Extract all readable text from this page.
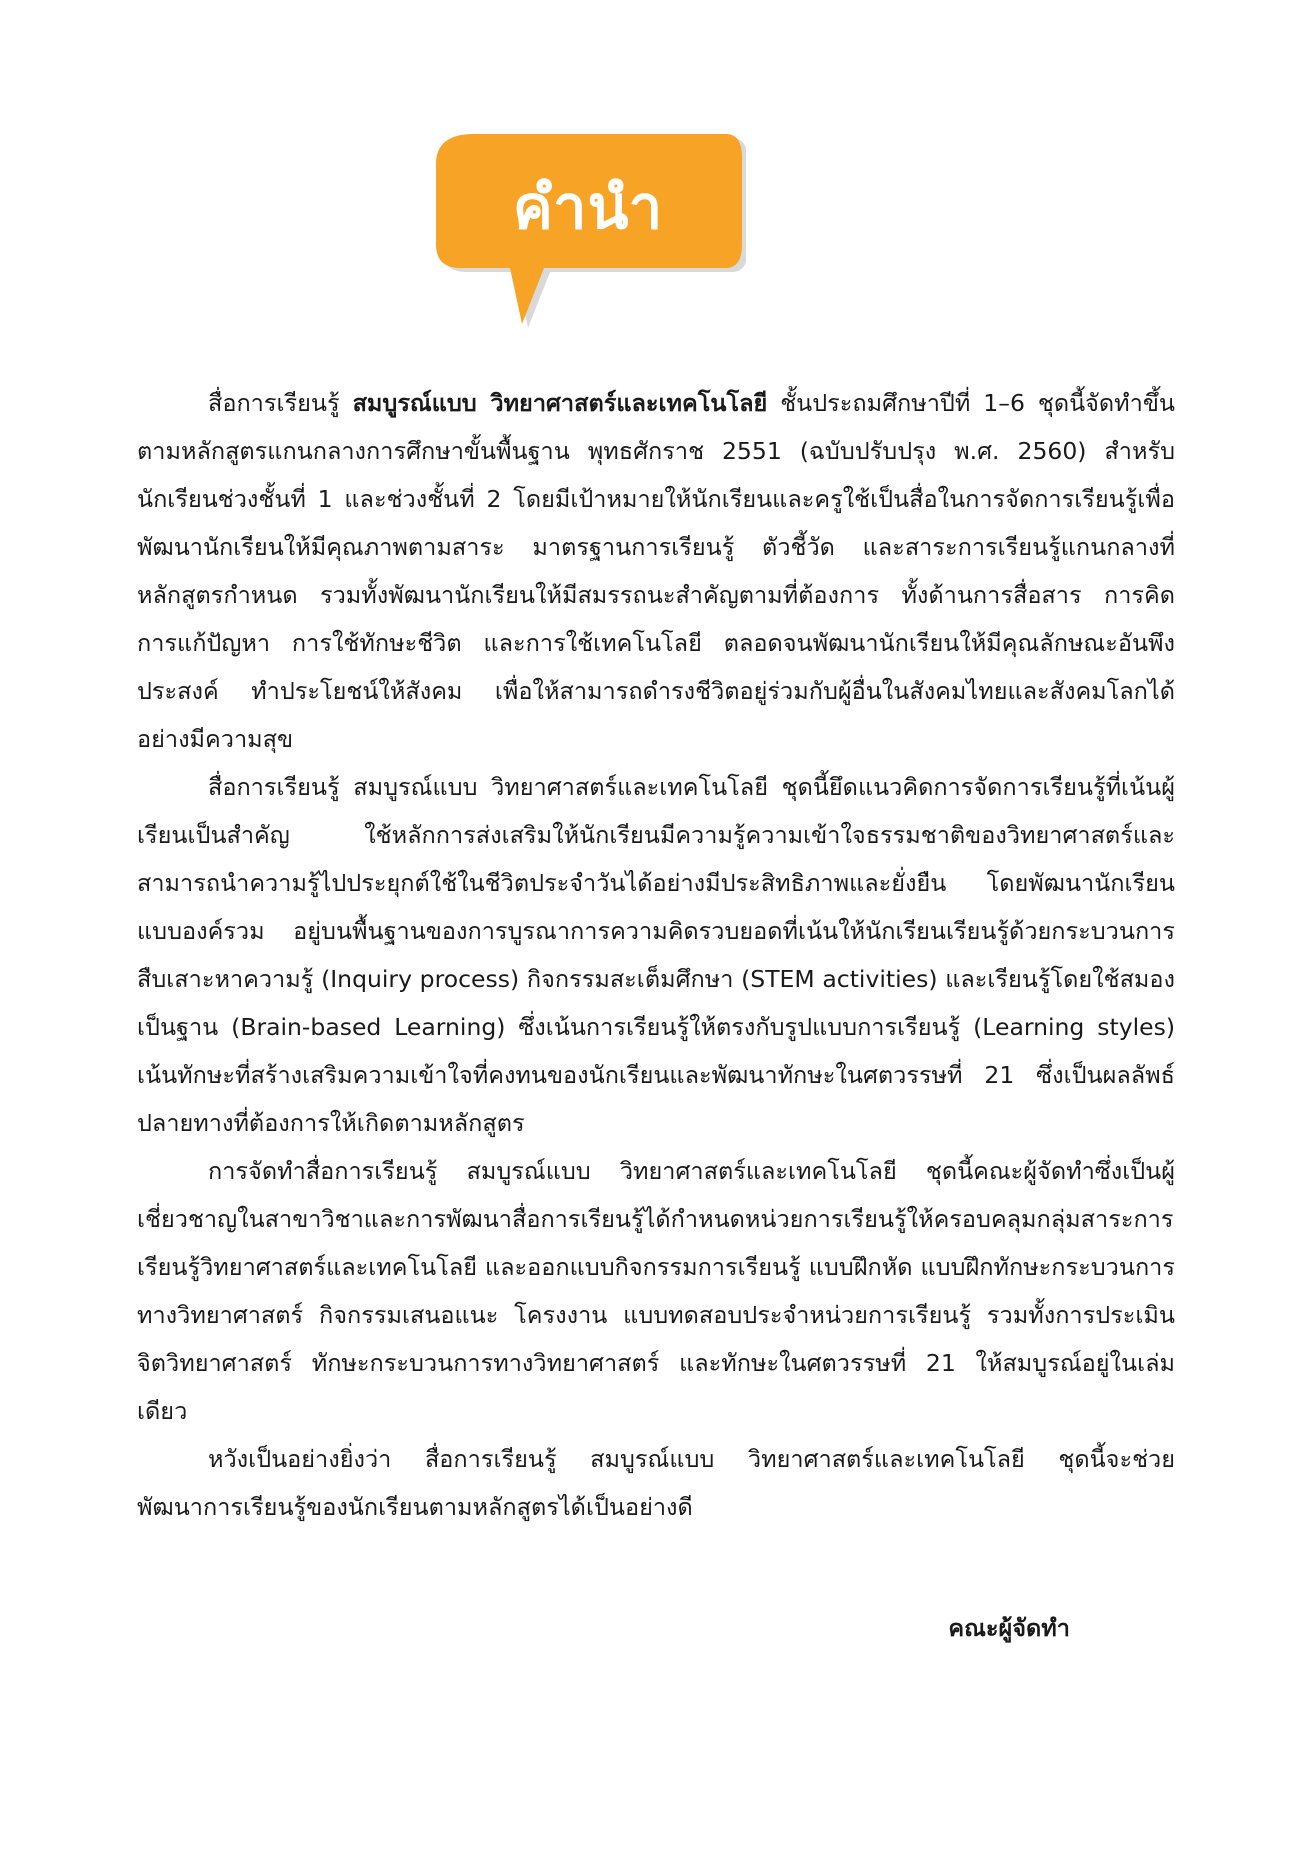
คำนำ

สื่อการเรียนรู้ สมบูรณ์แบบ วิทยาศาสตร์และเทคโนโลยี ชั้นประถมศึกษาปีที่ 1–6 ชุดนี้จัดทำขึ้นตามหลักสูตรแกนกลางการศึกษาขั้นพื้นฐาน พุทธศักราช 2551 (ฉบับปรับปรุง พ.ศ. 2560) สำหรับนักเรียนช่วงชั้นที่ 1 และช่วงชั้นที่ 2 โดยมีเป้าหมายให้นักเรียนและครูใช้เป็นสื่อในการจัดการเรียนรู้เพื่อพัฒนานักเรียนให้มีคุณภาพตามสาระ มาตรฐานการเรียนรู้ ตัวชี้วัด และสาระการเรียนรู้แกนกลางที่หลักสูตรกำหนด รวมทั้งพัฒนานักเรียนให้มีสมรรถนะสำคัญตามที่ต้องการ ทั้งด้านการสื่อสาร การคิด การแก้ปัญหา การใช้ทักษะชีวิต และการใช้เทคโนโลยี ตลอดจนพัฒนานักเรียนให้มีคุณลักษณะอันพึงประสงค์ ทำประโยชน์ให้สังคม เพื่อให้สามารถดำรงชีวิตอยู่ร่วมกับผู้อื่นในสังคมไทยและสังคมโลกได้อย่างมีความสุข

สื่อการเรียนรู้ สมบูรณ์แบบ วิทยาศาสตร์และเทคโนโลยี ชุดนี้ยึดแนวคิดการจัดการเรียนรู้ที่เน้นผู้เรียนเป็นสำคัญ ใช้หลักการส่งเสริมให้นักเรียนมีความรู้ความเข้าใจธรรมชาติของวิทยาศาสตร์และสามารถนำความรู้ไปประยุกต์ใช้ในชีวิตประจำวันได้อย่างมีประสิทธิภาพและยั่งยืน โดยพัฒนานักเรียนแบบองค์รวม อยู่บนพื้นฐานของการบูรณาการความคิดรวบยอดที่เน้นให้นักเรียนเรียนรู้ด้วยกระบวนการสืบเสาะหาความรู้ (Inquiry process) กิจกรรมสะเต็มศึกษา (STEM activities) และเรียนรู้โดยใช้สมองเป็นฐาน (Brain-based Learning) ซึ่งเน้นการเรียนรู้ให้ตรงกับรูปแบบการเรียนรู้ (Learning styles) เน้นทักษะที่สร้างเสริมความเข้าใจที่คงทนของนักเรียนและพัฒนาทักษะในศตวรรษที่ 21 ซึ่งเป็นผลลัพธ์ปลายทางที่ต้องการให้เกิดตามหลักสูตร

การจัดทำสื่อการเรียนรู้ สมบูรณ์แบบ วิทยาศาสตร์และเทคโนโลยี ชุดนี้คณะผู้จัดทำซึ่งเป็นผู้เชี่ยวชาญในสาขาวิชาและการพัฒนาสื่อการเรียนรู้ได้กำหนดหน่วยการเรียนรู้ให้ครอบคลุมกลุ่มสาระการเรียนรู้วิทยาศาสตร์และเทคโนโลยี และออกแบบกิจกรรมการเรียนรู้ แบบฝึกหัด แบบฝึกทักษะกระบวนการทางวิทยาศาสตร์ กิจกรรมเสนอแนะ โครงงาน แบบทดสอบประจำหน่วยการเรียนรู้ รวมทั้งการประเมินจิตวิทยาศาสตร์ ทักษะกระบวนการทางวิทยาศาสตร์ และทักษะในศตวรรษที่ 21 ให้สมบูรณ์อยู่ในเล่มเดียว

หวังเป็นอย่างยิ่งว่า สื่อการเรียนรู้ สมบูรณ์แบบ วิทยาศาสตร์และเทคโนโลยี ชุดนี้จะช่วยพัฒนาการเรียนรู้ของนักเรียนตามหลักสูตรได้เป็นอย่างดี

คณะผู้จัดทำ
